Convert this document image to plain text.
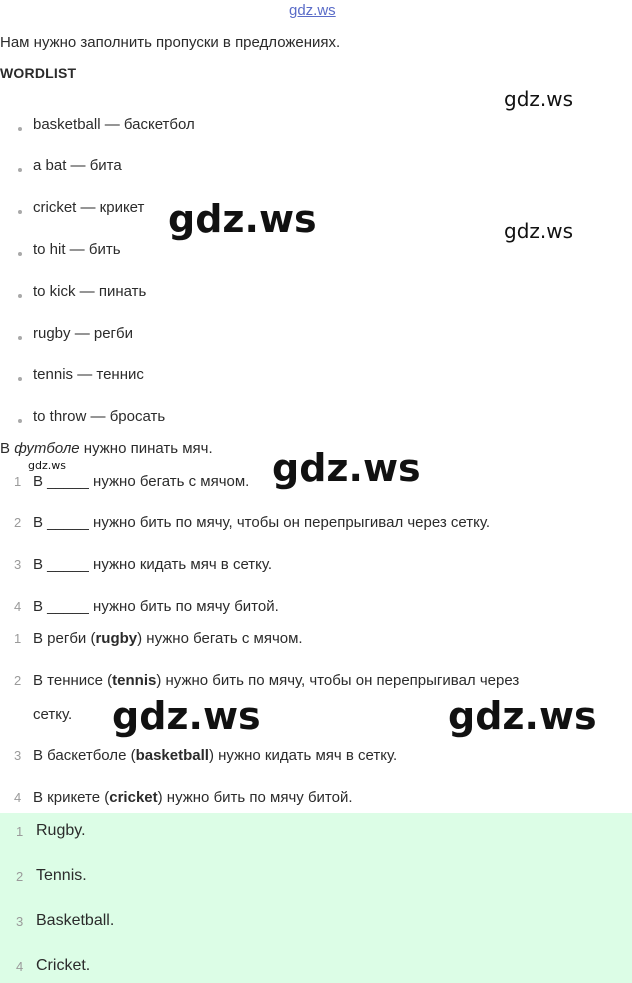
gdz.ws
Нам нужно заполнить пропуски в предложениях.
WORDLIST
basketball — баскетбол
a bat — бита
cricket — крикет
to hit — бить
to kick — пинать
rugby — регби
tennis — теннис
to throw — бросать
В футболе нужно пинать мяч.
1 В _____ нужно бегать с мячом.
2 В _____ нужно бить по мячу, чтобы он перепрыгивал через сетку.
3 В _____ нужно кидать мяч в сетку.
4 В _____ нужно бить по мячу битой.
1 В регби (rugby) нужно бегать с мячом.
2 В теннисе (tennis) нужно бить по мячу, чтобы он перепрыгивал через
сетку.
3 В баскетболе (basketball) нужно кидать мяч в сетку.
4 В крикете (cricket) нужно бить по мячу битой.
1 Rugby.
2 Tennis.
3 Basketball.
4 Cricket.
gdz.ws
gdz.ws	gdz.ws
gdz.ws	gdz.ws
gdz.ws	gdz.ws
